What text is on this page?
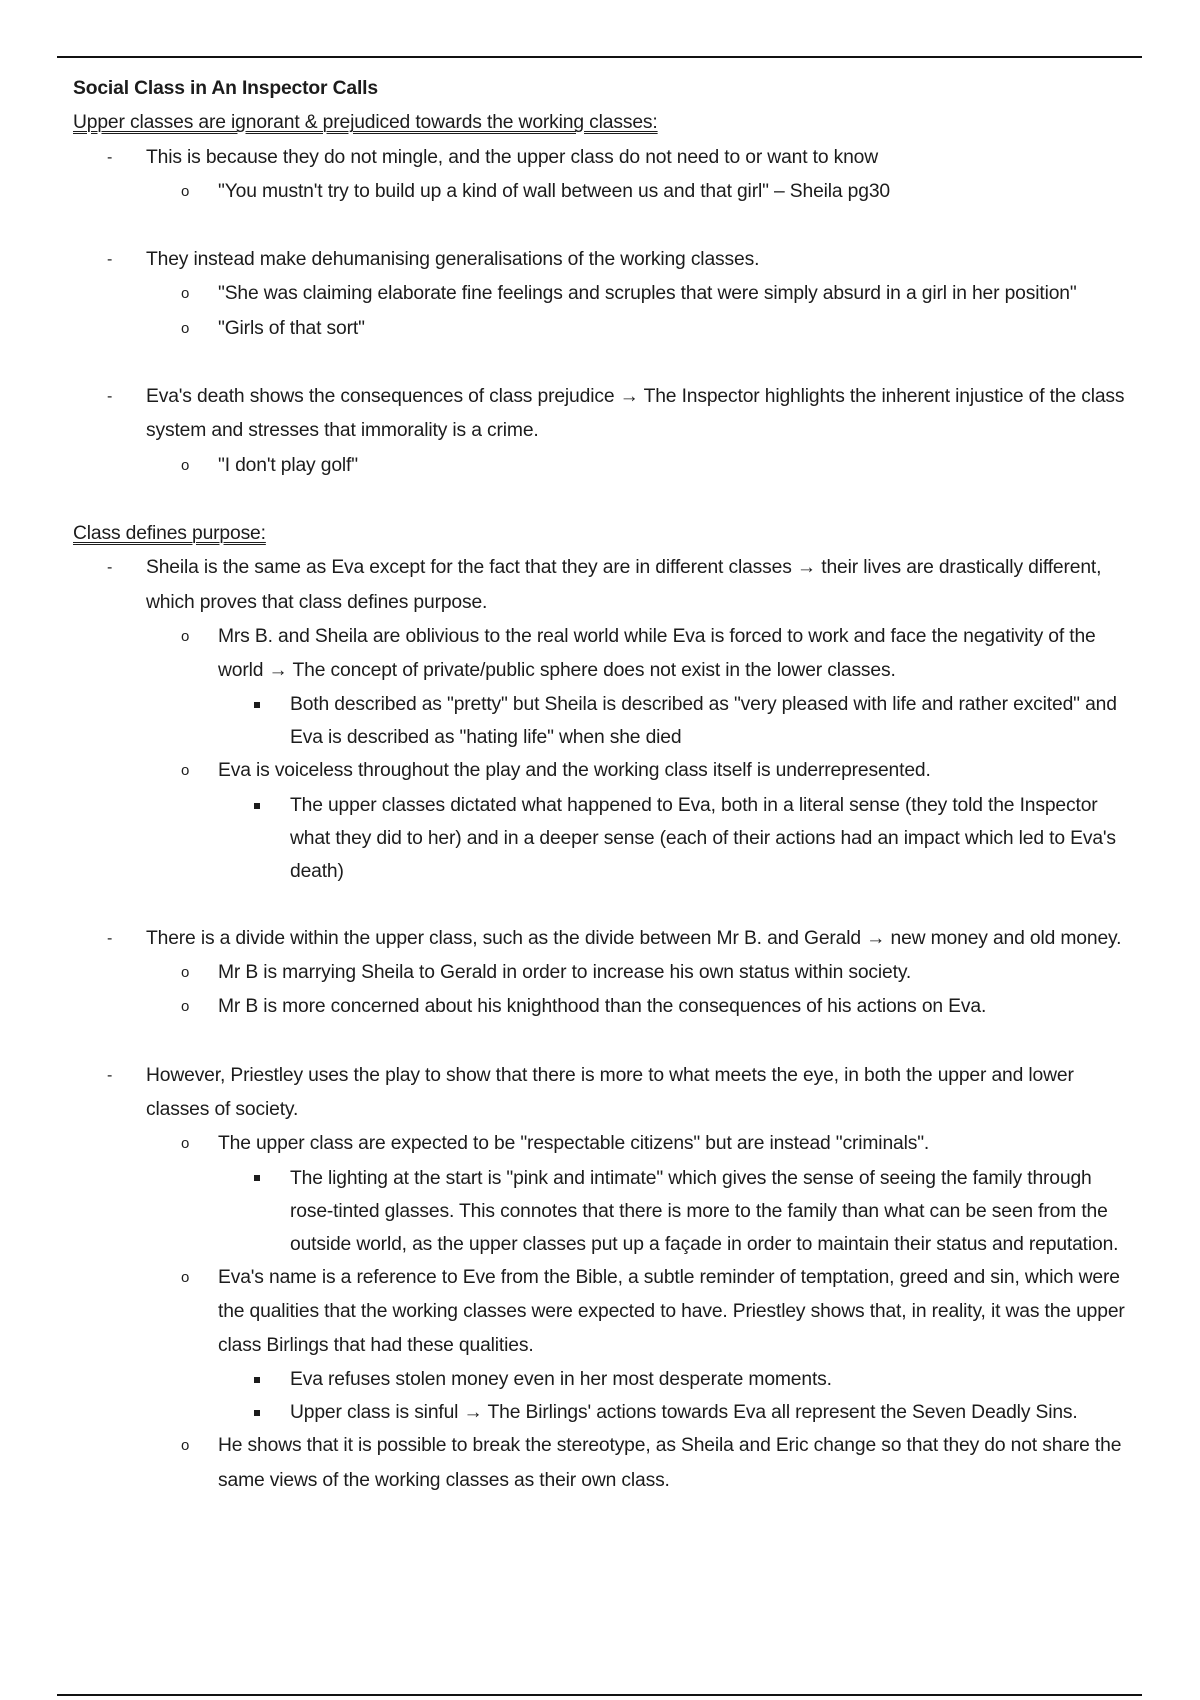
Social Class in An Inspector Calls
Upper classes are ignorant & prejudiced towards the working classes:
- This is because they do not mingle, and the upper class do not need to or want to know
o "You mustn't try to build up a kind of wall between us and that girl" – Sheila pg30
- They instead make dehumanising generalisations of the working classes.
o "She was claiming elaborate fine feelings and scruples that were simply absurd in a girl in her position"
o "Girls of that sort"
- Eva's death shows the consequences of class prejudice → The Inspector highlights the inherent injustice of the class system and stresses that immorality is a crime.
o "I don't play golf"
Class defines purpose:
- Sheila is the same as Eva except for the fact that they are in different classes → their lives are drastically different, which proves that class defines purpose.
o Mrs B. and Sheila are oblivious to the real world while Eva is forced to work and face the negativity of the world → The concept of private/public sphere does not exist in the lower classes.
Both described as "pretty" but Sheila is described as "very pleased with life and rather excited" and Eva is described as "hating life" when she died
o Eva is voiceless throughout the play and the working class itself is underrepresented.
The upper classes dictated what happened to Eva, both in a literal sense (they told the Inspector what they did to her) and in a deeper sense (each of their actions had an impact which led to Eva's death)
- There is a divide within the upper class, such as the divide between Mr B. and Gerald → new money and old money.
o Mr B is marrying Sheila to Gerald in order to increase his own status within society.
o Mr B is more concerned about his knighthood than the consequences of his actions on Eva.
- However, Priestley uses the play to show that there is more to what meets the eye, in both the upper and lower classes of society.
o The upper class are expected to be "respectable citizens" but are instead "criminals".
The lighting at the start is "pink and intimate" which gives the sense of seeing the family through rose-tinted glasses. This connotes that there is more to the family than what can be seen from the outside world, as the upper classes put up a façade in order to maintain their status and reputation.
o Eva's name is a reference to Eve from the Bible, a subtle reminder of temptation, greed and sin, which were the qualities that the working classes were expected to have. Priestley shows that, in reality, it was the upper class Birlings that had these qualities.
Eva refuses stolen money even in her most desperate moments.
Upper class is sinful → The Birlings' actions towards Eva all represent the Seven Deadly Sins.
o He shows that it is possible to break the stereotype, as Sheila and Eric change so that they do not share the same views of the working classes as their own class.
